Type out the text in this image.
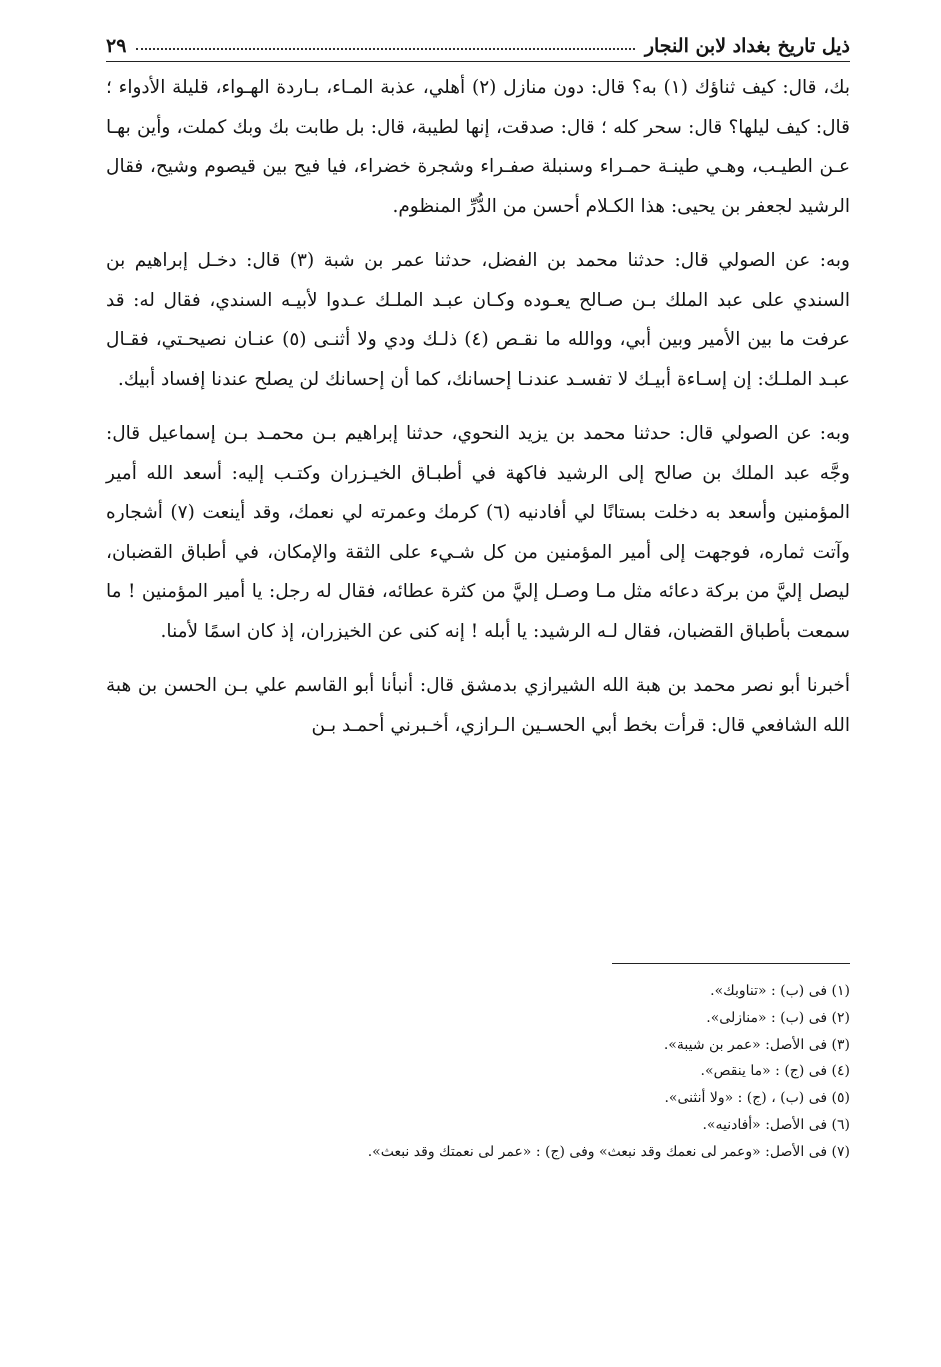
ذيل تاريخ بغداد لابن النجار
٢٩

بك، قال: كيف ثناؤك (١) به؟ قال: دون منازل (٢) أهلي، عذبة المـاء، بـاردة الهـواء، قليلة الأدواء ؛ قال: كيف ليلها؟ قال: سحر كله ؛ قال: صدقت، إنها لطيبة، قال: بل طابت بك وبك كملت، وأين بهـا عـن الطيـب، وهـي طينـة حمـراء وسنبلة صفـراء وشجرة خضراء، فيا فيح بين قيصوم وشيح، فقال الرشيد لجعفر بن يحيى: هذا الكـلام أحسن من الدُّرِّ المنظوم.

وبه: عن الصولي قال: حدثنا محمد بن الفضل، حدثنا عمر بن شبة (٣) قال: دخـل إبراهيم بن السندي على عبد الملك بـن صـالح يعـوده وكـان عبـد الملـك عـدوا لأبيـه السندي، فقال له: قد عرفت ما بين الأمير وبين أبي، ووالله ما نقـص (٤) ذلـك ودي ولا أثنـى (٥) عنـان نصيحـتي، فقـال عبـد الملـك: إن إسـاءة أبيـك لا تفسـد عندنـا إحسانك، كما أن إحسانك لن يصلح عندنا إفساد أبيك.

وبه: عن الصولي قال: حدثنا محمد بن يزيد النحوي، حدثنا إبراهيم بـن محمـد بـن إسماعيل قال: وجَّه عبد الملك بن صالح إلى الرشيد فاكهة في أطبـاق الخيـزران وكتـب إليه: أسعد الله أمير المؤمنين وأسعد به دخلت بستانًا لي أفادنيه (٦) كرمك وعمرته لي نعمك، وقد أينعت (٧) أشجاره وآتت ثماره، فوجهت إلى أمير المؤمنين من كل شـيء على الثقة والإمكان، في أطباق القضبان، ليصل إليَّ من بركة دعائه مثل مـا وصـل إليَّ من كثرة عطائه، فقال له رجل: يا أمير المؤمنين ! ما سمعت بأطباق القضبان، فقال لـه الرشيد: يا أبله ! إنه كنى عن الخيزران، إذ كان اسمًا لأمنا.

أخبرنا أبو نصر محمد بن هبة الله الشيرازي بدمشق قال: أنبأنا أبو القاسم علي بـن الحسن بن هبة الله الشافعي قال: قرأت بخط أبي الحسـين الـرازي، أخـبرني أحمـد بـن

(١) فى (ب) : «تناوبك».
(٢) فى (ب) : «منازلى».
(٣) فى الأصل: «عمر بن شيبة».
(٤) فى (ج) : «ما ينقص».
(٥) فى (ب) ، (ج) : «ولا أنثنى».
(٦) فى الأصل: «أفادنيه».
(٧) فى الأصل: «وعمر لى نعمك وقد نبعث» وفى (ج) : «عمر لى نعمتك وقد نبعث».
